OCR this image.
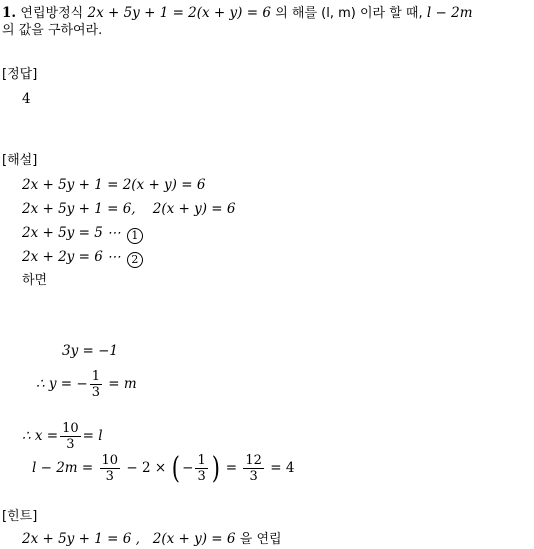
1. 연립방정식 2x + 5y + 1 = 2(x + y) = 6 의 해를 (l, m) 이라 할 때, l − 2m
의 값을 구하여라.
[정답]
4
[해설]
2x + 5y + 1 = 2(x + y) = 6
2x + 5y + 1 = 6, 2(x + y) = 6
2x + 5y = 5 ⋯ 1
2x + 2y = 6 ⋯ 2
하면
3y = −1
∴ y = − $\frac{1}{3} = m$
∴ $x = \frac{10}{3} = l$
$l - 2m = \frac{10}{3} - 2$ × ( − $\frac{1}{3}$ ) = $\frac{12}{3} = 4$
[힌트]
2x + 5y + 1 = 6 , 2(x + y) = 6 을 연립
